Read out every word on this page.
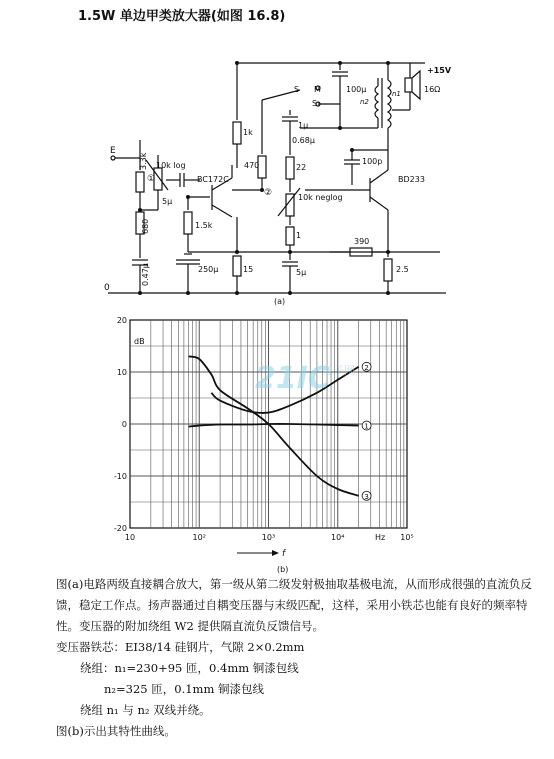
1.5W 单边甲类放大器(如图 16.8)
E
0
3.3k 10k log
680
0.47μ
①
5μ
BC172C
1.5k
250μ
1k
470
15
S M
S
1μ
0.68μ
22
②	10k neglog
1
5μ
100μ
n2
n1	16Ω
+15V
100p
BD233
390
2.5
(a)
20
10
0
-10
-20
dB
10	10²	10³	10⁴	10⁵
Hz
f
(b)
21IC
电子网
1
2
3
图(a)电路两级直接耦合放大，第一级从第二级发射极抽取基极电流，从而形成很强的直流负反馈，稳定工作点。扬声器通过自耦变压器与末级匹配，这样，采用小铁芯也能有良好的频率特性。变压器的附加绕组 W2 提供隔直流负反馈信号。
变压器铁芯：EI38/14 硅钢片，气隙 2×0.2mm
绕组：n₁=230+95 匝，0.4mm 铜漆包线
n₂=325 匝，0.1mm 铜漆包线
绕组 n₁ 与 n₂ 双线并绕。
图(b)示出其特性曲线。
